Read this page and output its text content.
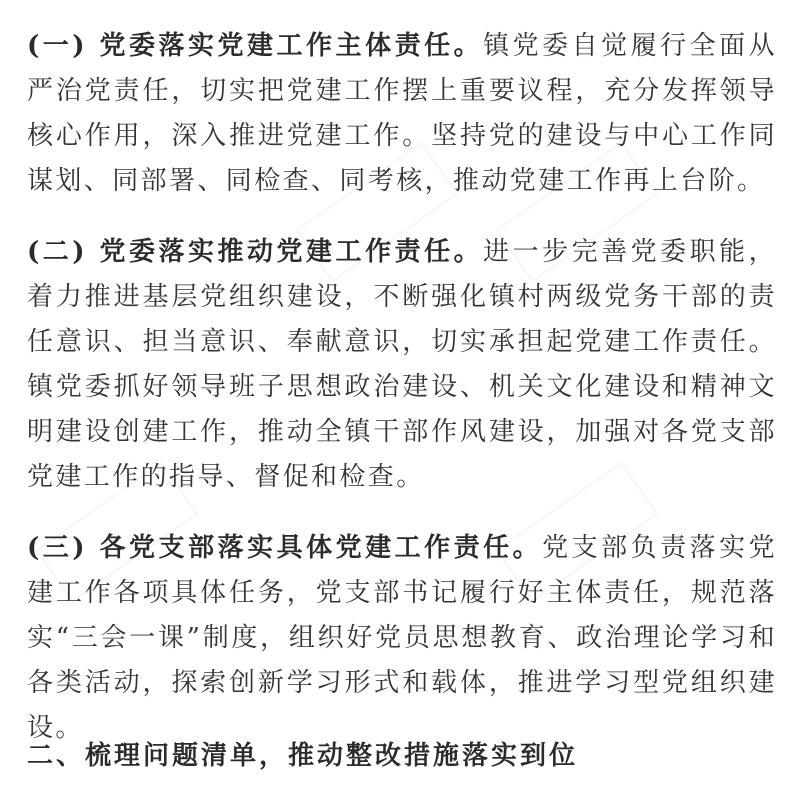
(一) 党委落实党建工作主体责任。镇党委自觉履行全面从严治党责任，切实把党建工作摆上重要议程，充分发挥领导核心作用，深入推进党建工作。坚持党的建设与中心工作同谋划、同部署、同检查、同考核，推动党建工作再上台阶。

(二) 党委落实推动党建工作责任。进一步完善党委职能，着力推进基层党组织建设，不断强化镇村两级党务干部的责任意识、担当意识、奉献意识，切实承担起党建工作责任。镇党委抓好领导班子思想政治建设、机关文化建设和精神文明建设创建工作，推动全镇干部作风建设，加强对各党支部党建工作的指导、督促和检查。

(三) 各党支部落实具体党建工作责任。党支部负责落实党建工作各项具体任务，党支部书记履行好主体责任，规范落实“三会一课”制度，组织好党员思想教育、政治理论学习和各类活动，探索创新学习形式和载体，推进学习型党组织建设。

二、梳理问题清单，推动整改措施落实到位
